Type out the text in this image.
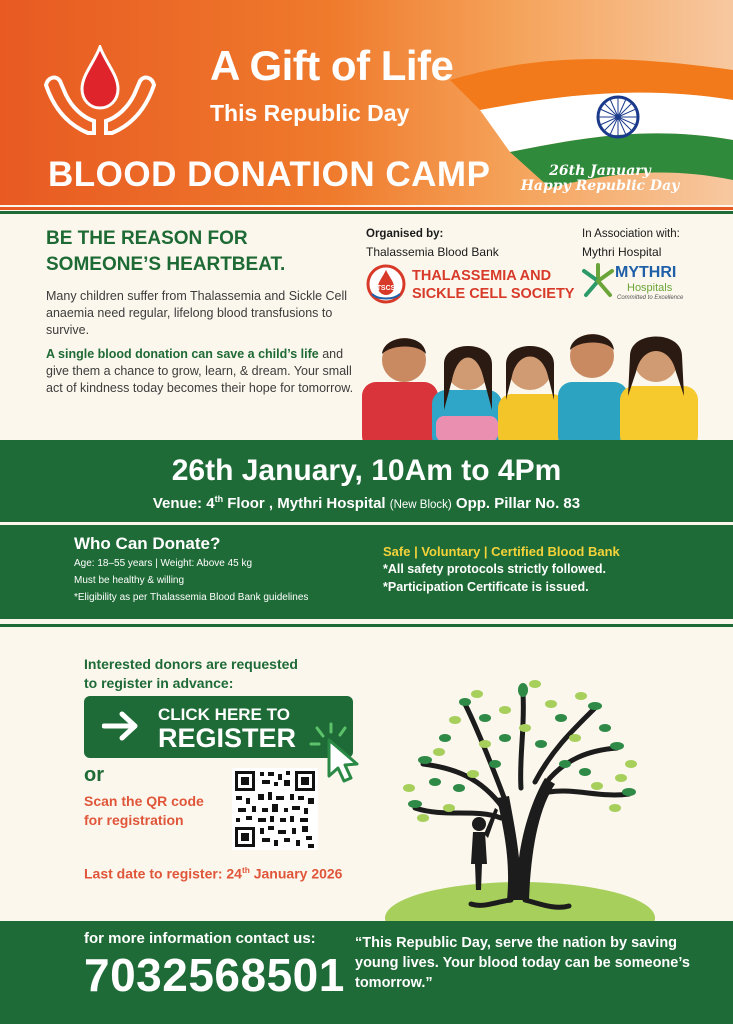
A Gift of Life
This Republic Day
BLOOD DONATION CAMP	26th January
Happy Republic Day
BE THE REASON FOR
SOMEONE’S HEARTBEAT.
Many children suffer from Thalassemia and Sickle Cell anaemia need regular, lifelong blood transfusions to survive.
A single blood donation can save a child’s life and give them a chance to grow, learn, & dream. Your small act of kindness today becomes their hope for tomorrow.
Organised by:
Thalassemia Blood Bank
TSCS
THALASSEMIA AND
SICKLE CELL SOCIETY
In Association with:
Mythri Hospital
MYTHRI
Hospitals
Committed to Excellence
26th January, 10Am to 4Pm
Venue: 4th Floor , Mythri Hospital (New Block) Opp. Pillar No. 83
Who Can Donate?
Age: 18–55 years | Weight: Above 45 kg
Must be healthy & willing
*Eligibility as per Thalassemia Blood Bank guidelines
Safe | Voluntary | Certified Blood Bank
*All safety protocols strictly followed.
*Participation Certificate is issued.
Interested donors are requested
to register in advance:
CLICK HERE TO
REGISTER
or
Scan the QR code
for registration
Last date to register: 24th January 2026
for more information contact us:
7032568501
“This Republic Day, serve the nation by saving young lives. Your blood today can be someone’s tomorrow.”
